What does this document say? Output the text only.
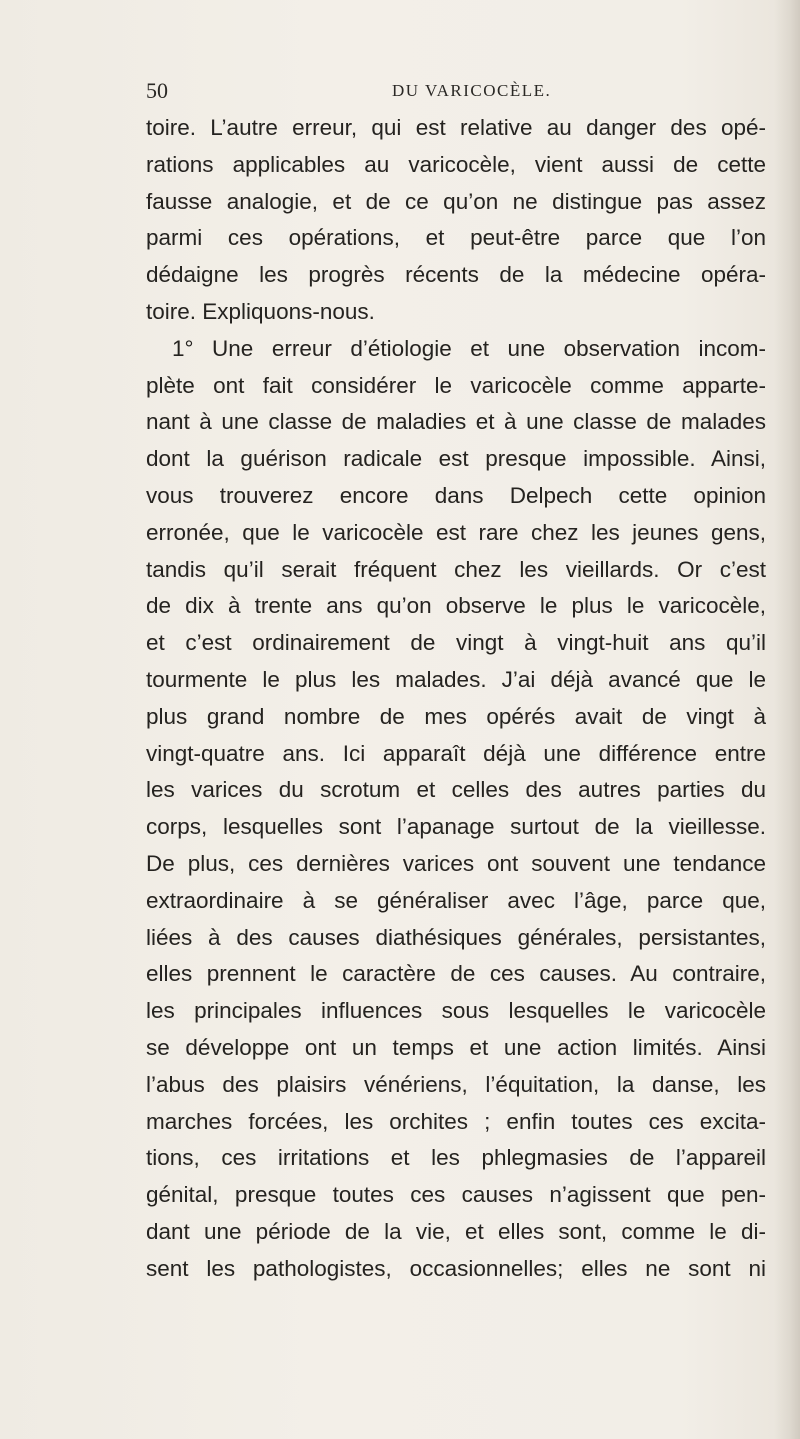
50	DU VARICOCÈLE.
toire. L’autre erreur, qui est relative au danger des opé-
rations applicables au varicocèle, vient aussi de cette
fausse analogie, et de ce qu’on ne distingue pas assez
parmi ces opérations, et peut-être parce que l’on
dédaigne les progrès récents de la médecine opéra-
toire. Expliquons-nous.
1° Une erreur d’étiologie et une observation incom-
plète ont fait considérer le varicocèle comme apparte-
nant à une classe de maladies et à une classe de malades
dont la guérison radicale est presque impossible. Ainsi,
vous trouverez encore dans Delpech cette opinion
erronée, que le varicocèle est rare chez les jeunes gens,
tandis qu’il serait fréquent chez les vieillards. Or c’est
de dix à trente ans qu’on observe le plus le varicocèle,
et c’est ordinairement de vingt à vingt-huit ans qu’il
tourmente le plus les malades. J’ai déjà avancé que le
plus grand nombre de mes opérés avait de vingt à
vingt-quatre ans. Ici apparaît déjà une différence entre
les varices du scrotum et celles des autres parties du
corps, lesquelles sont l’apanage surtout de la vieillesse.
De plus, ces dernières varices ont souvent une tendance
extraordinaire à se généraliser avec l’âge, parce que,
liées à des causes diathésiques générales, persistantes,
elles prennent le caractère de ces causes. Au contraire,
les principales influences sous lesquelles le varicocèle
se développe ont un temps et une action limités. Ainsi
l’abus des plaisirs vénériens, l’équitation, la danse, les
marches forcées, les orchites ; enfin toutes ces excita-
tions, ces irritations et les phlegmasies de l’appareil
génital, presque toutes ces causes n’agissent que pen-
dant une période de la vie, et elles sont, comme le di-
sent les pathologistes, occasionnelles; elles ne sont ni
